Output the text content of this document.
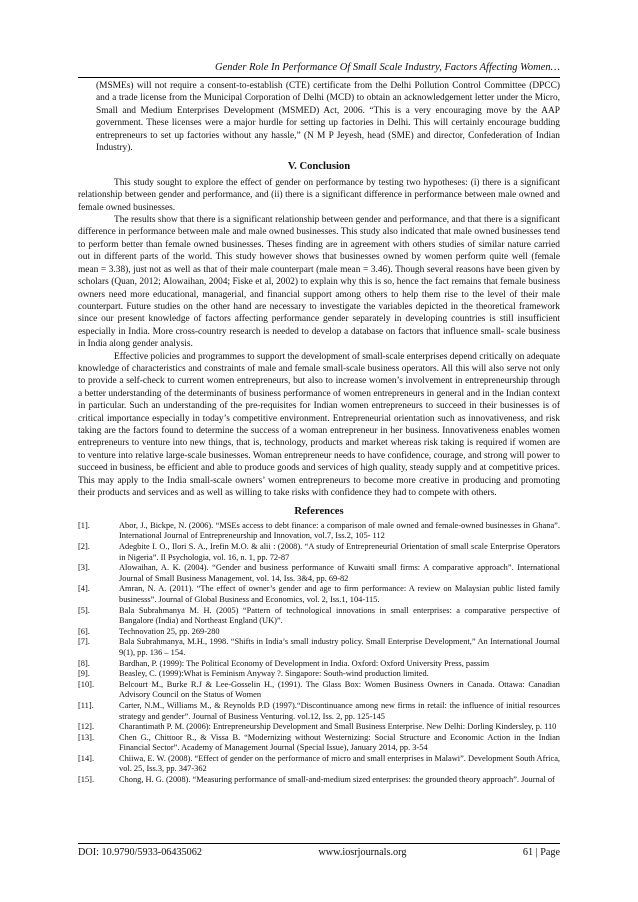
Gender Role In Performance Of Small Scale Industry, Factors Affecting Women…

(MSMEs) will not require a consent-to-establish (CTE) certificate from the Delhi Pollution Control Committee (DPCC) and a trade license from the Municipal Corporation of Delhi (MCD) to obtain an acknowledgement letter under the Micro, Small and Medium Enterprises Development (MSMED) Act, 2006. “This is a very encouraging move by the AAP government. These licenses were a major hurdle for setting up factories in Delhi. This will certainly encourage budding entrepreneurs to set up factories without any hassle,” (N M P Jeyesh, head (SME) and director, Confederation of Indian Industry).

V. Conclusion

This study sought to explore the effect of gender on performance by testing two hypotheses: (i) there is a significant relationship between gender and performance, and (ii) there is a significant difference in performance between male owned and female owned businesses.

The results show that there is a significant relationship between gender and performance, and that there is a significant difference in performance between male and male owned businesses. This study also indicated that male owned businesses tend to perform better than female owned businesses. Theses finding are in agreement with others studies of similar nature carried out in different parts of the world. This study however shows that businesses owned by women perform quite well (female mean = 3.38), just not as well as that of their male counterpart (male mean = 3.46). Though several reasons have been given by scholars (Quan, 2012; Alowaihan, 2004; Fiske et al, 2002) to explain why this is so, hence the fact remains that female business owners need more educational, managerial, and financial support among others to help them rise to the level of their male counterpart. Future studies on the other hand are necessary to investigate the variables depicted in the theoretical framework since our present knowledge of factors affecting performance gender separately in developing countries is still insufficient especially in India. More cross-country research is needed to develop a database on factors that influence small- scale business in India along gender analysis.

Effective policies and programmes to support the development of small-scale enterprises depend critically on adequate knowledge of characteristics and constraints of male and female small-scale business operators. All this will also serve not only to provide a self-check to current women entrepreneurs, but also to increase women’s involvement in entrepreneurship through a better understanding of the determinants of business performance of women entrepreneurs in general and in the Indian context in particular. Such an understanding of the pre-requisites for Indian women entrepreneurs to succeed in their businesses is of critical importance especially in today’s competitive environment. Entrepreneurial orientation such as innovativeness, and risk taking are the factors found to determine the success of a woman entrepreneur in her business. Innovativeness enables women entrepreneurs to venture into new things, that is, technology, products and market whereas risk taking is required if women are to venture into relative large-scale businesses. Woman entrepreneur needs to have confidence, courage, and strong will power to succeed in business, be efficient and able to produce goods and services of high quality, steady supply and at competitive prices. This may apply to the India small-scale owners’ women entrepreneurs to become more creative in producing and promoting their products and services and as well as willing to take risks with confidence they had to compete with others.

References
[1].	Abor, J., Bickpe, N. (2006). “MSEs access to debt finance: a comparison of male owned and female-owned businesses in Ghana”. International Journal of Entrepreneurship and Innovation, vol.7, Iss.2, 105- 112
[2].	Adegbite I. O., Ilori S. A., Irefin M.O. & alii : (2008). “A study of Entrepreneurial Orientation of small scale Enterprise Operators in Nigeria”. Il Psychologia, vol. 16, n. 1, pp. 72-87
[3].	Alowaihan, A. K. (2004). “Gender and business performance of Kuwaiti small firms: A comparative approach”. International Journal of Small Business Management, vol. 14, Iss. 3&4, pp. 69-82
[4].	Amran, N. A. (2011). “The effect of owner’s gender and age to firm performance: A review on Malaysian public listed family businesss”. Journal of Global Business and Economics, vol. 2, Iss.1, 104-115.
[5].	Bala Subrahmanya M. H. (2005) “Pattern of technological innovations in small enterprises: a comparative perspective of Bangalore (India) and Northeast England (UK)”.
[6].	Technovation 25, pp. 269-280
[7].	Bala Subrahmanya, M.H., 1998. “Shifts in India’s small industry policy. Small Enterprise Development,” An International Journal 9(1), pp. 136 – 154.
[8].	Bardhan, P. (1999): The Political Economy of Development in India. Oxford: Oxford University Press, passim
[9].	Beasley, C. (1999):What is Feminism Anyway ?. Singapore: South-wind production limited.
[10].	Belcourt M., Burke R.J & Lee-Gosselin H., (1991). The Glass Box: Women Business Owners in Canada. Ottawa: Canadian Advisory Council on the Status of Women
[11].	Carter, N.M., Williams M., & Reynolds P.D (1997).“Discontinuance among new firms in retail: the influence of initial resources strategy and gender”. Journal of Business Venturing. vol.12, Iss. 2, pp. 125-145
[12].	Charantimath P. M. (2006): Entrepreneurship Development and Small Business Enterprise. New Delhi: Dorling Kindersley, p. 110
[13].	Chen G., Chittoor R., & Vissa B. “Modernizing without Westernizing: Social Structure and Economic Action in the Indian Financial Sector”. Academy of Management Journal (Special Issue), January 2014, pp. 3-54
[14].	Chiiwa, E. W. (2008). “Effect of gender on the performance of micro and small enterprises in Malawi”. Development South Africa, vol. 25, Iss.3, pp. 347-362
[15].	Chong, H. G. (2008). “Measuring performance of small-and-medium sized enterprises: the grounded theory approach”. Journal of
DOI: 10.9790/5933-06435062	www.iosrjournals.org	61 | Page
